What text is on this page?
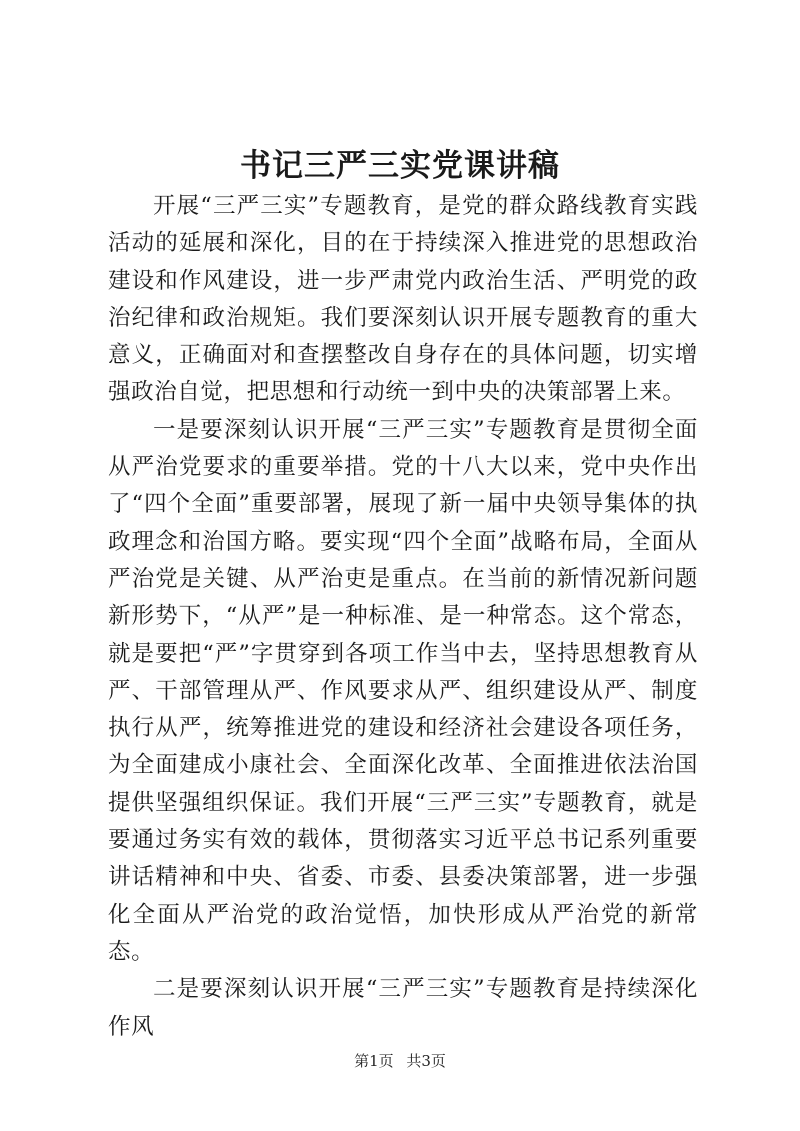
书记三严三实党课讲稿

开展“三严三实”专题教育，是党的群众路线教育实践活动的延展和深化，目的在于持续深入推进党的思想政治建设和作风建设，进一步严肃党内政治生活、严明党的政治纪律和政治规矩。我们要深刻认识开展专题教育的重大意义，正确面对和查摆整改自身存在的具体问题，切实增强政治自觉，把思想和行动统一到中央的决策部署上来。

一是要深刻认识开展“三严三实”专题教育是贯彻全面从严治党要求的重要举措。党的十八大以来，党中央作出了“四个全面”重要部署，展现了新一届中央领导集体的执政理念和治国方略。要实现“四个全面”战略布局，全面从严治党是关键、从严治吏是重点。在当前的新情况新问题新形势下，“从严”是一种标准、是一种常态。这个常态，就是要把“严”字贯穿到各项工作当中去，坚持思想教育从严、干部管理从严、作风要求从严、组织建设从严、制度执行从严，统筹推进党的建设和经济社会建设各项任务，为全面建成小康社会、全面深化改革、全面推进依法治国提供坚强组织保证。我们开展“三严三实”专题教育，就是要通过务实有效的载体，贯彻落实习近平总书记系列重要讲话精神和中央、省委、市委、县委决策部署，进一步强化全面从严治党的政治觉悟，加快形成从严治党的新常态。

二是要深刻认识开展“三严三实”专题教育是持续深化作风

第1页 共3页
